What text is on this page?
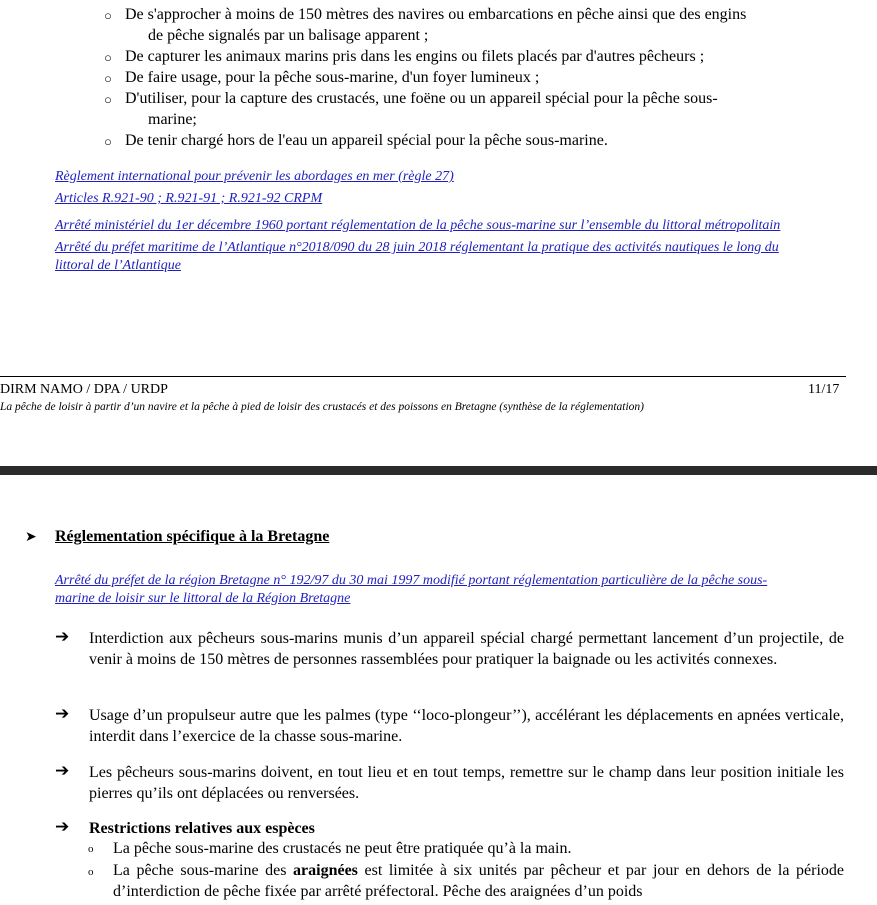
○ De s'approcher à moins de 150 mètres des navires ou embarcations en pêche ainsi que des engins
de pêche signalés par un balisage apparent ;
○ De capturer les animaux marins pris dans les engins ou filets placés par d'autres pêcheurs ;
○ De faire usage, pour la pêche sous-marine, d'un foyer lumineux ;
○ D'utiliser, pour la capture des crustacés, une foëne ou un appareil spécial pour la pêche sous-
marine;
○ De tenir chargé hors de l'eau un appareil spécial pour la pêche sous-marine.
Règlement international pour prévenir les abordages en mer (règle 27)
Articles R.921-90 ; R.921-91 ; R.921-92 CRPM
Arrêté ministériel du 1er décembre 1960 portant réglementation de la pêche sous-marine sur l’ensemble du littoral métropolitain
Arrêté du préfet maritime de l’Atlantique n°2018/090 du 28 juin 2018 réglementant la pratique des activités nautiques le long du
littoral de l’Atlantique
DIRM NAMO / DPA / URDP	11/17
La pêche de loisir à partir d’un navire et la pêche à pied de loisir des crustacés et des poissons en Bretagne (synthèse de la réglementation)
➤ Réglementation spécifique à la Bretagne
Arrêté du préfet de la région Bretagne n° 192/97 du 30 mai 1997 modifié portant réglementation particulière de la pêche sous-
marine de loisir sur le littoral de la Région Bretagne
➔ Interdiction aux pêcheurs sous-marins munis d’un appareil spécial chargé permettant lancement d’un projectile, de venir à moins de 150 mètres de personnes rassemblées pour pratiquer la baignade ou les activités connexes.
➔ Usage d’un propulseur autre que les palmes (type ‘‘loco-plongeur’’), accélérant les déplacements en apnées verticale, interdit dans l’exercice de la chasse sous-marine.
➔ Les pêcheurs sous-marins doivent, en tout lieu et en tout temps, remettre sur le champ dans leur position initiale les pierres qu’ils ont déplacées ou renversées.
➔ Restrictions relatives aux espèces
o La pêche sous-marine des crustacés ne peut être pratiquée qu’à la main.
o La pêche sous-marine des araignées est limitée à six unités par pêcheur et par jour en dehors de la période d’interdiction de pêche fixée par arrêté préfectoral. Pêche des araignées d’un poids
